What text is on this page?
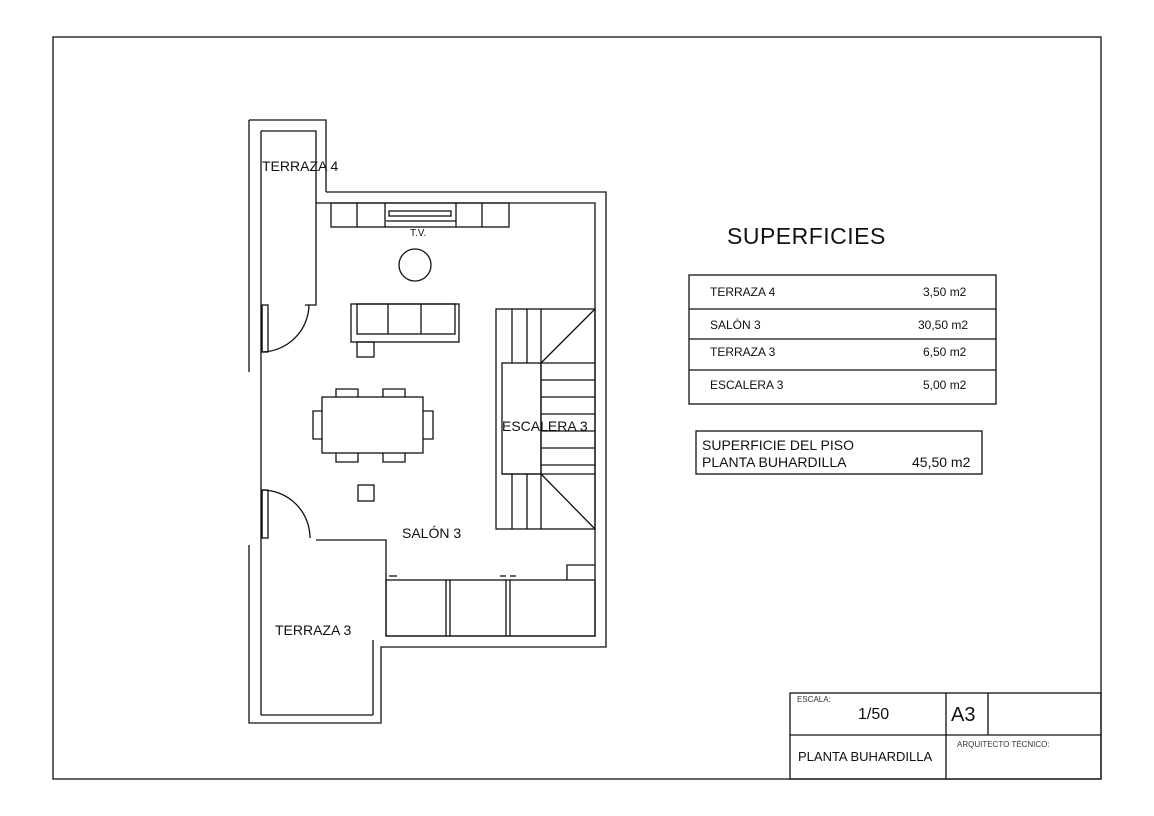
TERRAZA 4
T.V.
ESCALERA 3
SALÓN 3
TERRAZA 3
SUPERFICIES
TERRAZA 4	3,50 m2
SALÓN 3	30,50 m2
TERRAZA 3	6,50 m2
ESCALERA 3	5,00 m2
SUPERFICIE DEL PISO
PLANTA BUHARDILLA	45,50 m2
ESCALA:
1/50	A3
PLANTA BUHARDILLA
ARQUITECTO TÉCNICO:
